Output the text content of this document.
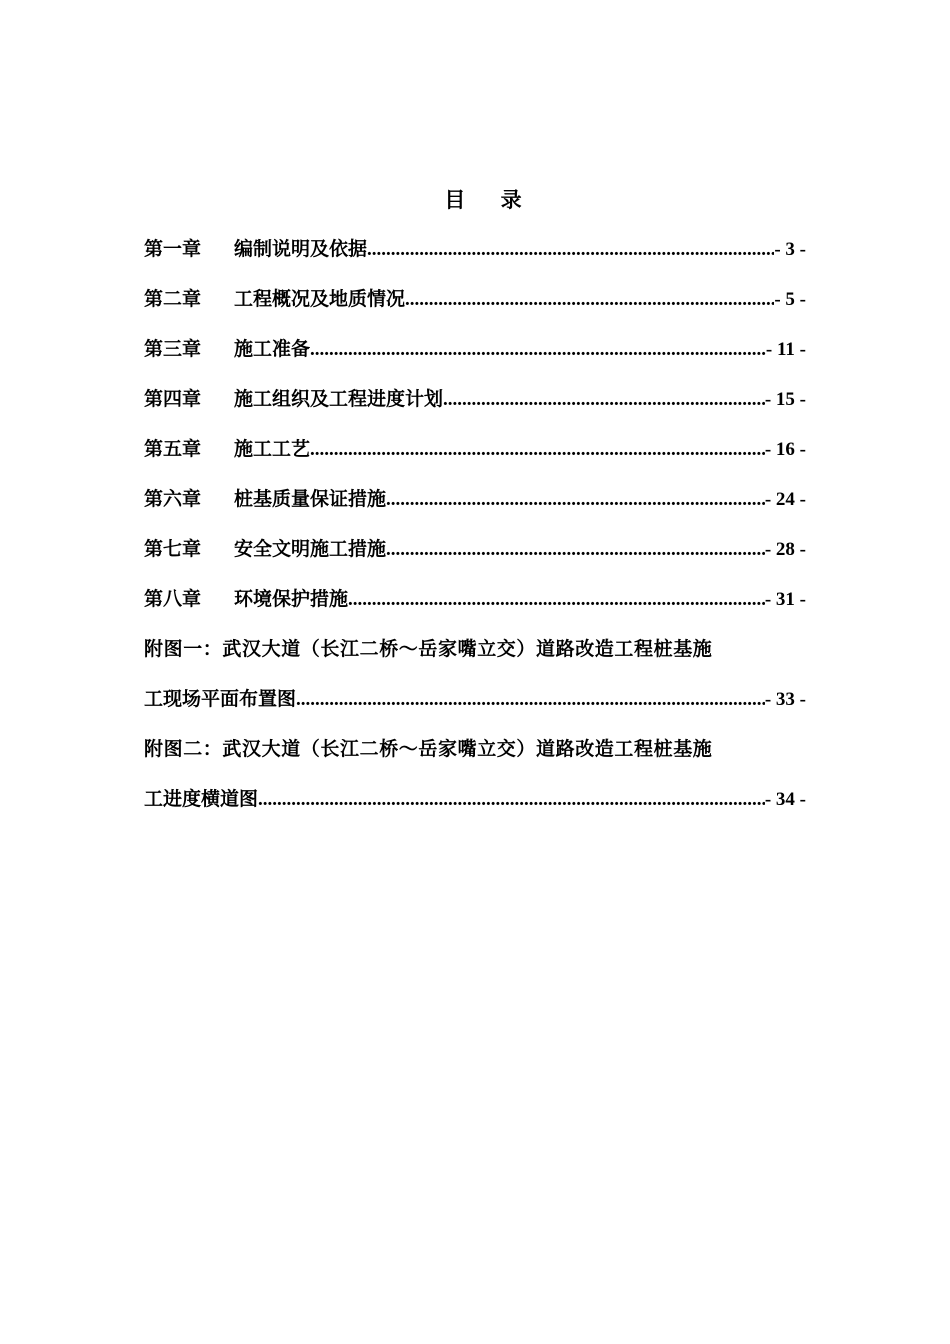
目 录
第一章	编制说明及依据 .....	- 3 -
第二章	工程概况及地质情况 .....	- 5 -
第三章	施工准备 .....	- 11 -
第四章	施工组织及工程进度计划 .....	- 15 -
第五章	施工工艺 .....	- 16 -
第六章	桩基质量保证措施 .....	- 24 -
第七章	安全文明施工措施 .....	- 28 -
第八章	环境保护措施 .....	- 31 -
附图一：武汉大道（长江二桥～岳家嘴立交）道路改造工程桩基施
工现场平面布置图 .....	- 33 -
附图二：武汉大道（长江二桥～岳家嘴立交）道路改造工程桩基施
工进度横道图 .....	- 34 -
